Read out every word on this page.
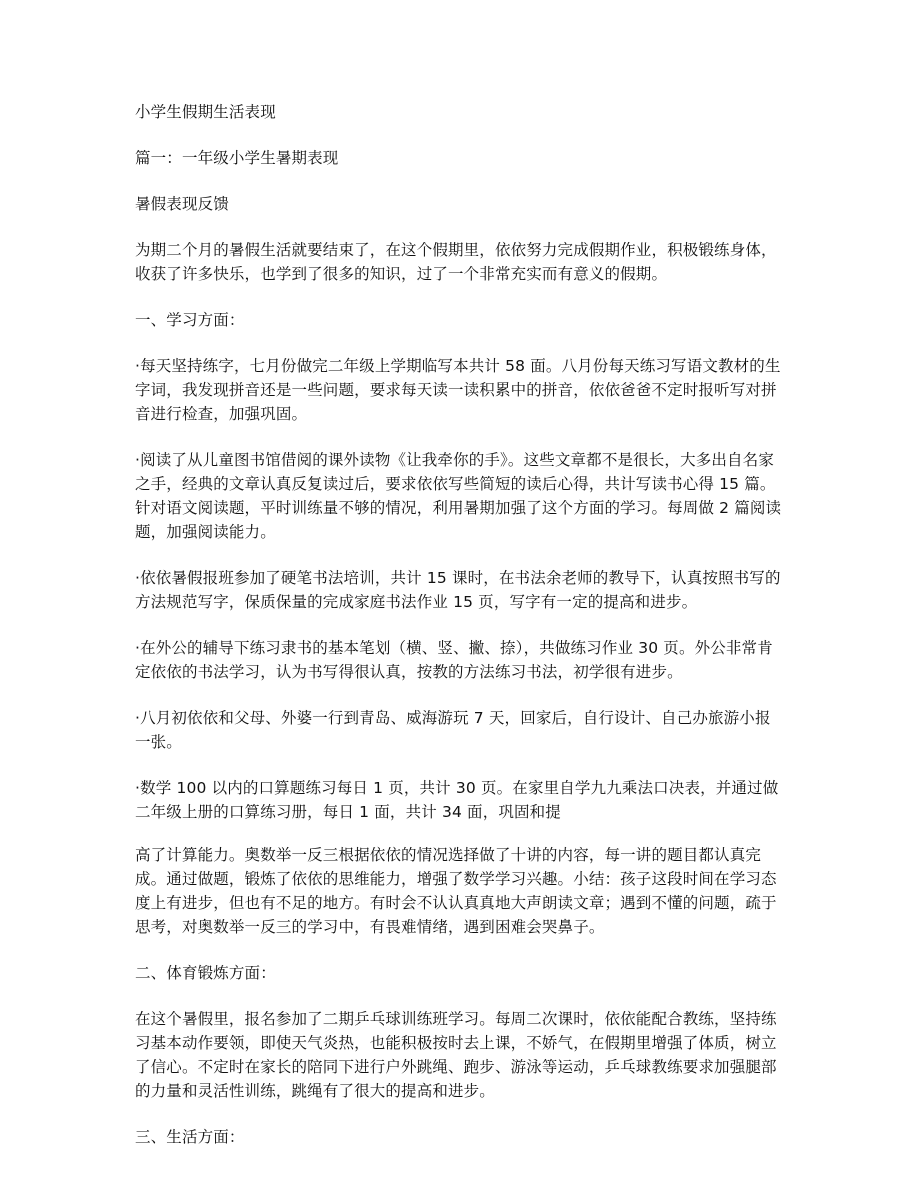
小学生假期生活表现

篇一：一年级小学生暑期表现

暑假表现反馈

为期二个月的暑假生活就要结束了，在这个假期里，依依努力完成假期作业，积极锻练身体，收获了许多快乐，也学到了很多的知识，过了一个非常充实而有意义的假期。

一、学习方面：

·每天坚持练字，七月份做完二年级上学期临写本共计 58 面。八月份每天练习写语文教材的生字词，我发现拼音还是一些问题，要求每天读一读积累中的拼音，依依爸爸不定时报听写对拼音进行检查，加强巩固。

·阅读了从儿童图书馆借阅的课外读物《让我牵你的手》。这些文章都不是很长，大多出自名家之手，经典的文章认真反复读过后，要求依依写些简短的读后心得，共计写读书心得 15 篇。针对语文阅读题，平时训练量不够的情况，利用暑期加强了这个方面的学习。每周做 2 篇阅读题，加强阅读能力。

·依依暑假报班参加了硬笔书法培训，共计 15 课时，在书法余老师的教导下，认真按照书写的方法规范写字，保质保量的完成家庭书法作业 15 页，写字有一定的提高和进步。

·在外公的辅导下练习隶书的基本笔划（横、竖、撇、捺），共做练习作业 30 页。外公非常肯定依依的书法学习，认为书写得很认真，按教的方法练习书法，初学很有进步。

·八月初依依和父母、外婆一行到青岛、威海游玩 7 天，回家后，自行设计、自己办旅游小报一张。

·数学 100 以内的口算题练习每日 1 页，共计 30 页。在家里自学九九乘法口决表，并通过做二年级上册的口算练习册，每日 1 面，共计 34 面，巩固和提

高了计算能力。奥数举一反三根据依依的情况选择做了十讲的内容，每一讲的题目都认真完成。通过做题，锻炼了依依的思维能力，增强了数学学习兴趣。小结：孩子这段时间在学习态度上有进步，但也有不足的地方。有时会不认认真真地大声朗读文章；遇到不懂的问题，疏于思考，对奥数举一反三的学习中，有畏难情绪，遇到困难会哭鼻子。

二、体育锻炼方面：

在这个暑假里，报名参加了二期乒乓球训练班学习。每周二次课时，依依能配合教练，坚持练习基本动作要领，即使天气炎热，也能积极按时去上课，不娇气，在假期里增强了体质，树立了信心。不定时在家长的陪同下进行户外跳绳、跑步、游泳等运动，乒乓球教练要求加强腿部的力量和灵活性训练，跳绳有了很大的提高和进步。

三、生活方面：
